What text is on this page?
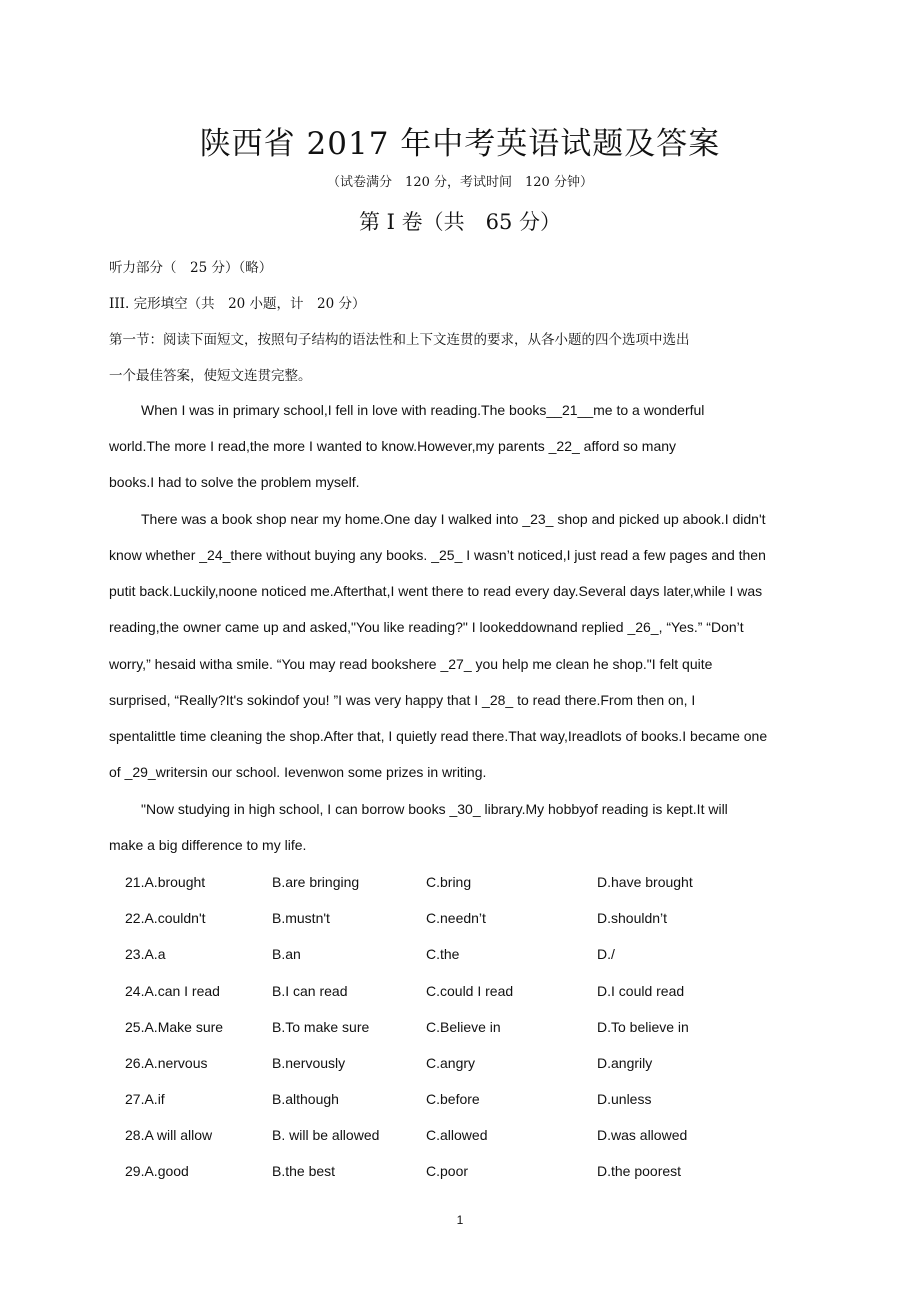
陕西省 2017 年中考英语试题及答案
（试卷满分　120 分，考试时间　120 分钟）
第 I 卷（共　65 分）
听力部分（　25 分）（略）
III. 完形填空（共　20 小题，计　20 分）
第一节：阅读下面短文，按照句子结构的语法性和上下文连贯的要求，从各小题的四个选项中选出
一个最佳答案，使短文连贯完整。
When I was in primary school,I fell in love with reading.The books__21__me to a wonderful
world.The more I read,the more I wanted to know.However,my parents _22_ afford so many
books.I had to solve the problem myself.
There was a book shop near my home.One day I walked into _23_ shop and picked up abook.I didn't
know whether _24_there without buying any books. _25_ I wasn’t noticed,I just read a few pages and then
putit back.Luckily,noone noticed me.Afterthat,I went there to read every day.Several days later,while I was
reading,the owner came up and asked,"You like reading?" I lookeddownand replied _26_, “Yes.” “Don’t
worry,” hesaid witha smile. “You may read bookshere _27_ you help me clean he shop."I felt quite
surprised, “Really?It's sokindof you! ”I was very happy that I _28_ to read there.From then on, I
spentalittle time cleaning the shop.After that, I quietly read there.That way,Ireadlots of books.I became one
of _29_writersin our school. Ievenwon some prizes in writing.
"Now studying in high school, I can borrow books _30_ library.My hobbyof reading is kept.It will
make a big difference to my life.
21.A.brought	B.are bringing	C.bring	D.have brought
22.A.couldn't	B.mustn't	C.needn’t	D.shouldn’t
23.A.a	B.an	C.the	D./
24.A.can I read	B.I can read	C.could I read	D.I could read
25.A.Make sure	B.To make sure	C.Believe in	D.To believe in
26.A.nervous	B.nervously	C.angry	D.angrily
27.A.if	B.although	C.before	D.unless
28.A will allow	B. will be allowed	C.allowed	D.was allowed
29.A.good	B.the best	C.poor	D.the poorest
1
